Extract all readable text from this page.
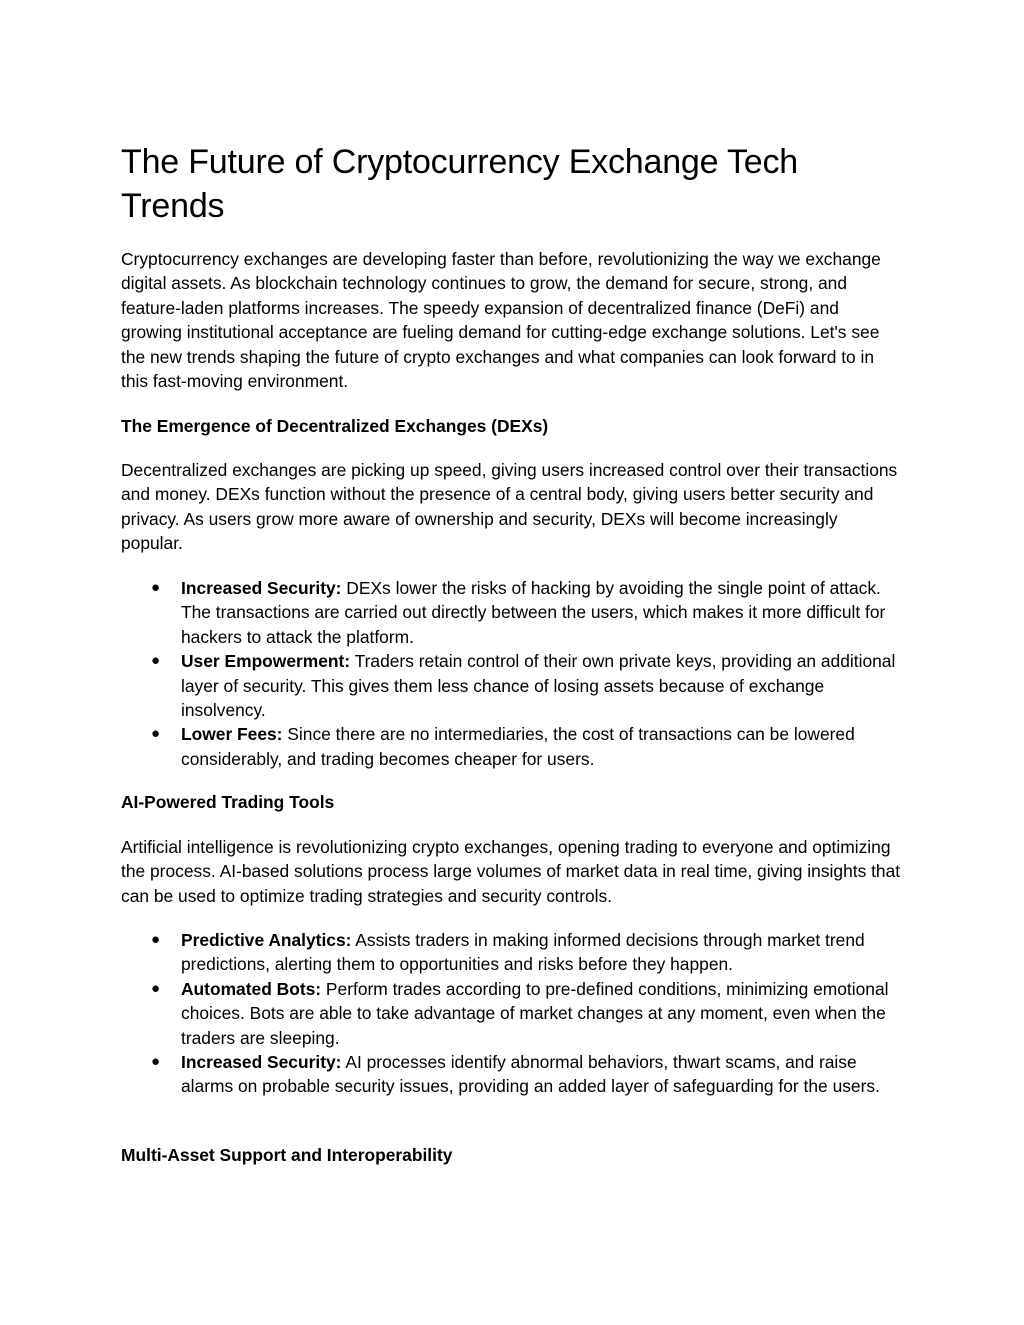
The Future of Cryptocurrency Exchange Tech Trends

Cryptocurrency exchanges are developing faster than before, revolutionizing the way we exchange digital assets. As blockchain technology continues to grow, the demand for secure, strong, and feature-laden platforms increases. The speedy expansion of decentralized finance (DeFi) and growing institutional acceptance are fueling demand for cutting-edge exchange solutions. Let's see the new trends shaping the future of crypto exchanges and what companies can look forward to in this fast-moving environment.

The Emergence of Decentralized Exchanges (DEXs)

Decentralized exchanges are picking up speed, giving users increased control over their transactions and money. DEXs function without the presence of a central body, giving users better security and privacy. As users grow more aware of ownership and security, DEXs will become increasingly popular.

● Increased Security: DEXs lower the risks of hacking by avoiding the single point of attack. The transactions are carried out directly between the users, which makes it more difficult for hackers to attack the platform.
● User Empowerment: Traders retain control of their own private keys, providing an additional layer of security. This gives them less chance of losing assets because of exchange insolvency.
● Lower Fees: Since there are no intermediaries, the cost of transactions can be lowered considerably, and trading becomes cheaper for users.
AI-Powered Trading Tools

Artificial intelligence is revolutionizing crypto exchanges, opening trading to everyone and optimizing the process. AI-based solutions process large volumes of market data in real time, giving insights that can be used to optimize trading strategies and security controls.

● Predictive Analytics: Assists traders in making informed decisions through market trend predictions, alerting them to opportunities and risks before they happen.
● Automated Bots: Perform trades according to pre-defined conditions, minimizing emotional choices. Bots are able to take advantage of market changes at any moment, even when the traders are sleeping.
● Increased Security: AI processes identify abnormal behaviors, thwart scams, and raise alarms on probable security issues, providing an added layer of safeguarding for the users.
Multi-Asset Support and Interoperability
